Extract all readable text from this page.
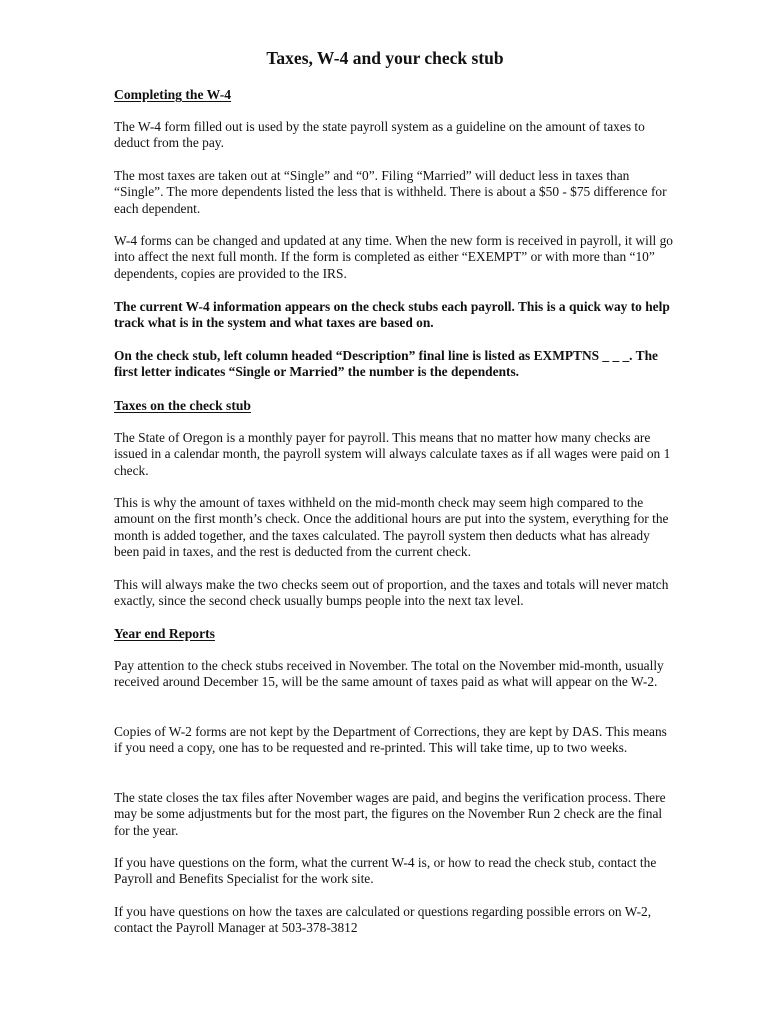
Taxes, W-4 and your check stub
Completing the W-4

The W-4 form filled out is used by the state payroll system as a guideline on the amount of taxes to deduct from the pay.

The most taxes are taken out at “Single” and “0”. Filing “Married” will deduct less in taxes than “Single”. The more dependents listed the less that is withheld. There is about a $50 - $75 difference for each dependent.

W-4 forms can be changed and updated at any time. When the new form is received in payroll, it will go into affect the next full month. If the form is completed as either “EXEMPT” or with more than “10” dependents, copies are provided to the IRS.

The current W-4 information appears on the check stubs each payroll. This is a quick way to help track what is in the system and what taxes are based on.

On the check stub, left column headed “Description” final line is listed as EXMPTNS _ _ _. The first letter indicates “Single or Married” the number is the dependents.

Taxes on the check stub

The State of Oregon is a monthly payer for payroll. This means that no matter how many checks are issued in a calendar month, the payroll system will always calculate taxes as if all wages were paid on 1 check.

This is why the amount of taxes withheld on the mid-month check may seem high compared to the amount on the first month’s check. Once the additional hours are put into the system, everything for the month is added together, and the taxes calculated. The payroll system then deducts what has already been paid in taxes, and the rest is deducted from the current check.

This will always make the two checks seem out of proportion, and the taxes and totals will never match exactly, since the second check usually bumps people into the next tax level.

Year end Reports

Pay attention to the check stubs received in November. The total on the November mid-month, usually received around December 15, will be the same amount of taxes paid as what will appear on the W-2.

Copies of W-2 forms are not kept by the Department of Corrections, they are kept by DAS. This means if you need a copy, one has to be requested and re-printed. This will take time, up to two weeks.

The state closes the tax files after November wages are paid, and begins the verification process. There may be some adjustments but for the most part, the figures on the November Run 2 check are the final for the year.

If you have questions on the form, what the current W-4 is, or how to read the check stub, contact the Payroll and Benefits Specialist for the work site.

If you have questions on how the taxes are calculated or questions regarding possible errors on W-2, contact the Payroll Manager at 503-378-3812
